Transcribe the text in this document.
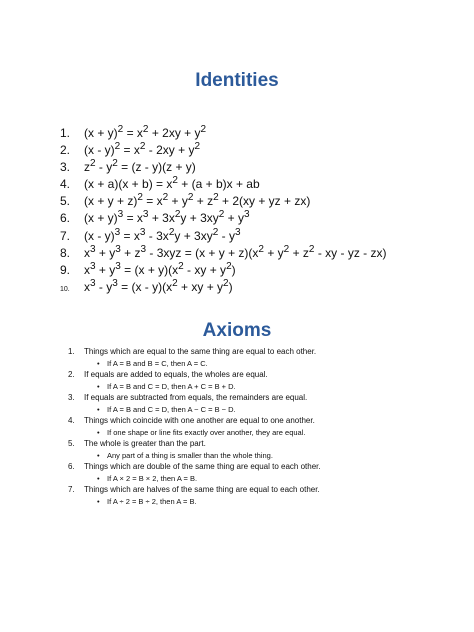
Identities
1. $(x + y)^2 = x^2 + 2xy + y^2$
2. $(x - y)^2 = x^2 - 2xy + y^2$
3. $z^2 - y^2 = (z - y)(z + y)$
4. $(x + a)(x + b) = x^2 + (a + b)x$ + ab
5. $(x + y + z)^2 = x^2 + y^2 + z^2 + 2(xy$ + yz + zx)
6. $(x + y)^3 = x^3 + 3x^2y + 3xy^2 + y^3$
7. $(x - y)^3 = x^3 - 3x^2y + 3xy^2 - y^3$
8. $x^3 + y^3 + z^3 - 3xyz = (x + y + z)(x^2 + y^2 + z^2$ - xy - yz - zx)
9. $x^3 + y^3 = (x + y)(x^2$ - xy + $y^2$)
10. $x^3 - y^3 = (x - y)(x^2$ + xy + $y^2$)
Axioms
1. Things which are equal to the same thing are equal to each other.
• If A = B and B = C, then A = C.
2. If equals are added to equals, the wholes are equal.
• If A = B and C = D, then A + C = B + D.
3. If equals are subtracted from equals, the remainders are equal.
• If A = B and C = D, then A − C = B − D.
4. Things which coincide with one another are equal to one another.
• If one shape or line fits exactly over another, they are equal.
5. The whole is greater than the part.
• Any part of a thing is smaller than the whole thing.
6. Things which are double of the same thing are equal to each other.
• If A × 2 = B × 2, then A = B.
7. Things which are halves of the same thing are equal to each other.
• If A ÷ 2 = B ÷ 2, then A = B.
